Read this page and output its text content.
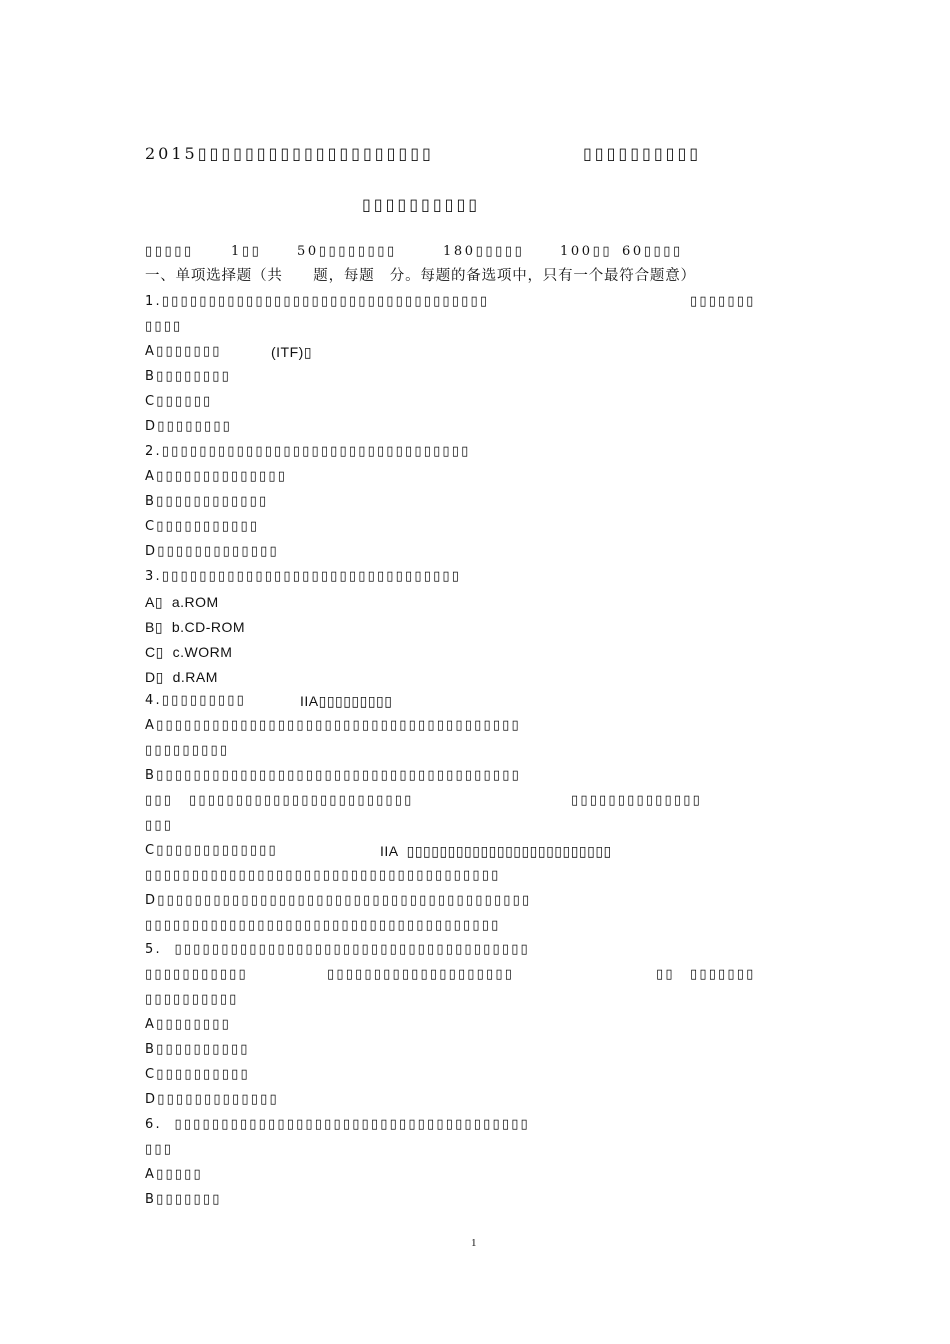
2015▯▯▯▯▯▯▯▯▯▯▯▯▯▯▯▯▯▯▯▯	▯▯▯▯▯▯▯▯▯▯
▯▯▯▯▯▯▯▯▯▯
▯▯▯▯▯	1▯▯	50▯▯▯▯▯▯▯▯	180▯▯▯▯▯	100▯▯ 60▯▯▯▯
一、单项选择题（共　　题，每题　分。每题的备选项中，只有一个最符合题意）
1.▯▯▯▯▯▯▯▯▯▯▯▯▯▯▯▯▯▯▯▯▯▯▯▯▯▯▯▯▯▯▯▯▯▯▯	▯▯▯▯▯▯▯
▯▯▯▯
A▯▯▯▯▯▯▯	(ITF)▯
B▯▯▯▯▯▯▯▯
C▯▯▯▯▯▯
D▯▯▯▯▯▯▯▯
2.▯▯▯▯▯▯▯▯▯▯▯▯▯▯▯▯▯▯▯▯▯▯▯▯▯▯▯▯▯▯▯▯▯
A▯▯▯▯▯▯▯▯▯▯▯▯▯▯
B▯▯▯▯▯▯▯▯▯▯▯▯
C▯▯▯▯▯▯▯▯▯▯▯
D▯▯▯▯▯▯▯▯▯▯▯▯▯
3.▯▯▯▯▯▯▯▯▯▯▯▯▯▯▯▯▯▯▯▯▯▯▯▯▯▯▯▯▯▯▯▯
A▯  a.ROM
B▯  b.CD-ROM
C▯  c.WORM
D▯  d.RAM
4.▯▯▯▯▯▯▯▯▯	IIA▯▯▯▯▯▯▯▯▯
A▯▯▯▯▯▯▯▯▯▯▯▯▯▯▯▯▯▯▯▯▯▯▯▯▯▯▯▯▯▯▯▯▯▯▯▯▯▯▯
▯▯▯▯▯▯▯▯▯
B▯▯▯▯▯▯▯▯▯▯▯▯▯▯▯▯▯▯▯▯▯▯▯▯▯▯▯▯▯▯▯▯▯▯▯▯▯▯▯
▯▯▯ ▯▯▯▯▯▯▯▯▯▯▯▯▯▯▯▯▯▯▯▯▯▯▯▯	▯▯▯▯▯▯▯▯▯▯▯▯▯▯
▯▯▯
C▯▯▯▯▯▯▯▯▯▯▯▯▯	IIA  ▯▯▯▯▯▯▯▯▯▯▯▯▯▯▯▯▯▯▯▯▯▯▯▯▯
▯▯▯▯▯▯▯▯▯▯▯▯▯▯▯▯▯▯▯▯▯▯▯▯▯▯▯▯▯▯▯▯▯▯▯▯▯▯
D▯▯▯▯▯▯▯▯▯▯▯▯▯▯▯▯▯▯▯▯▯▯▯▯▯▯▯▯▯▯▯▯▯▯▯▯▯▯▯▯
▯▯▯▯▯▯▯▯▯▯▯▯▯▯▯▯▯▯▯▯▯▯▯▯▯▯▯▯▯▯▯▯▯▯▯▯▯▯
5.  ▯▯▯▯▯▯▯▯▯▯▯▯▯▯▯▯▯▯▯▯▯▯▯▯▯▯▯▯▯▯▯▯▯▯▯▯▯▯
▯▯▯▯▯▯▯▯▯▯▯	▯▯▯▯▯▯▯▯▯▯▯▯▯▯▯▯▯▯▯▯	▯▯ ▯▯▯▯▯▯▯
▯▯▯▯▯▯▯▯▯▯
A▯▯▯▯▯▯▯▯
B▯▯▯▯▯▯▯▯▯▯
C▯▯▯▯▯▯▯▯▯▯
D▯▯▯▯▯▯▯▯▯▯▯▯▯
6.  ▯▯▯▯▯▯▯▯▯▯▯▯▯▯▯▯▯▯▯▯▯▯▯▯▯▯▯▯▯▯▯▯▯▯▯▯▯▯
▯▯▯
A▯▯▯▯▯
B▯▯▯▯▯▯▯
1
